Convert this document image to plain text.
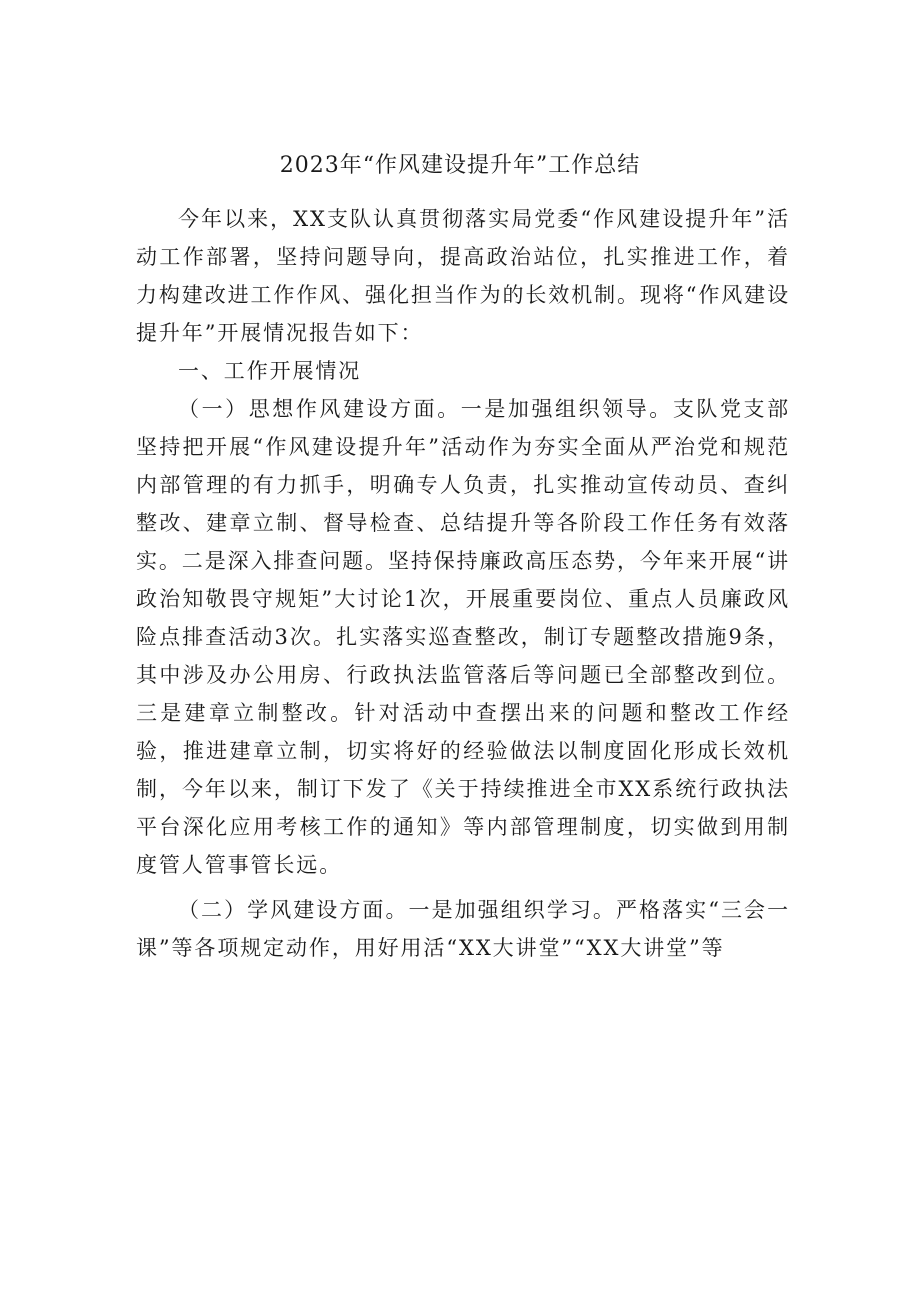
2023年“作风建设提升年”工作总结

今年以来，XX支队认真贯彻落实局党委“作风建设提升年”活动工作部署，坚持问题导向，提高政治站位，扎实推进工作，着力构建改进工作作风、强化担当作为的长效机制。现将“作风建设提升年”开展情况报告如下：

一、工作开展情况

（一）思想作风建设方面。一是加强组织领导。支队党支部坚持把开展“作风建设提升年”活动作为夯实全面从严治党和规范内部管理的有力抓手，明确专人负责，扎实推动宣传动员、查纠整改、建章立制、督导检查、总结提升等各阶段工作任务有效落实。二是深入排查问题。坚持保持廉政高压态势，今年来开展“讲政治知敬畏守规矩”大讨论1次，开展重要岗位、重点人员廉政风险点排查活动3次。扎实落实巡查整改，制订专题整改措施9条，其中涉及办公用房、行政执法监管落后等问题已全部整改到位。三是建章立制整改。针对活动中查摆出来的问题和整改工作经验，推进建章立制，切实将好的经验做法以制度固化形成长效机制，今年以来，制订下发了《关于持续推进全市XX系统行政执法平台深化应用考核工作的通知》等内部管理制度，切实做到用制度管人管事管长远。

（二）学风建设方面。一是加强组织学习。严格落实“三会一课”等各项规定动作，用好用活“XX大讲堂”“XX大讲堂”等
